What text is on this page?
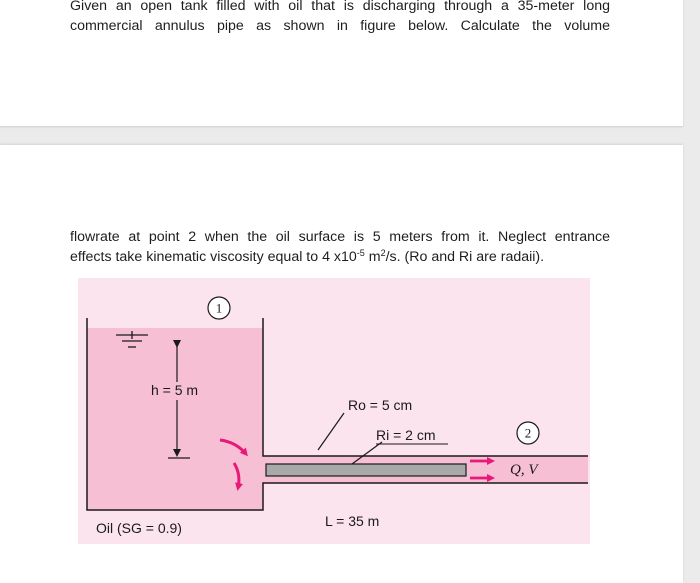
Given an open tank filled with oil that is discharging through a 35-meter long
commercial annulus pipe as shown in figure below. Calculate the volume

flowrate at point 2 when the oil surface is 5 meters from it. Neglect entrance
effects take kinematic viscosity equal to 4 $x10^{-5}$ $m^2/s$. (Ro and Ri are radaii).

1
h = 5 m
Ro = 5 cm
Ri = 2 cm	2
Q, V
Oil (SG = 0.9)	L = 35 m
